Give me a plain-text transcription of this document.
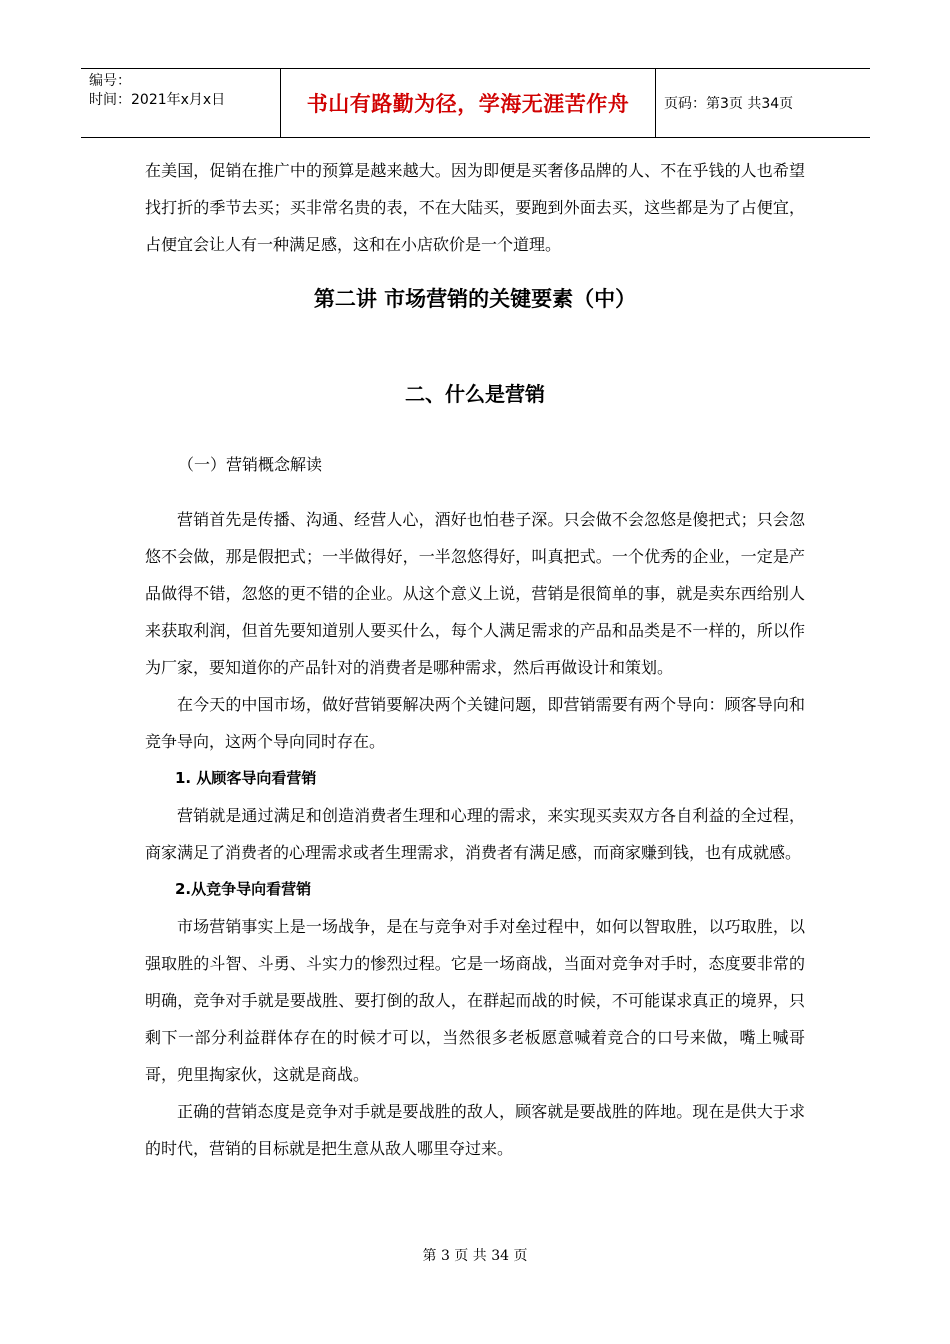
编号：
时间：2021年x月x日	书山有路勤为径，学海无涯苦作舟	页码：第3页 共34页

在美国，促销在推广中的预算是越来越大。因为即便是买奢侈品牌的人、不在乎钱的人也希望找打折的季节去买；买非常名贵的表，不在大陆买，要跑到外面去买，这些都是为了占便宜，占便宜会让人有一种满足感，这和在小店砍价是一个道理。

第二讲 市场营销的关键要素（中）
二、什么是营销
（一）营销概念解读

营销首先是传播、沟通、经营人心，酒好也怕巷子深。只会做不会忽悠是傻把式；只会忽悠不会做，那是假把式；一半做得好，一半忽悠得好，叫真把式。一个优秀的企业，一定是产品做得不错，忽悠的更不错的企业。从这个意义上说，营销是很简单的事，就是卖东西给别人来获取利润，但首先要知道别人要买什么，每个人满足需求的产品和品类是不一样的，所以作为厂家，要知道你的产品针对的消费者是哪种需求，然后再做设计和策划。

在今天的中国市场，做好营销要解决两个关键问题，即营销需要有两个导向：顾客导向和竞争导向，这两个导向同时存在。

1. 从顾客导向看营销

营销就是通过满足和创造消费者生理和心理的需求，来实现买卖双方各自利益的全过程，商家满足了消费者的心理需求或者生理需求，消费者有满足感，而商家赚到钱，也有成就感。

2.从竞争导向看营销

市场营销事实上是一场战争，是在与竞争对手对垒过程中，如何以智取胜，以巧取胜，以强取胜的斗智、斗勇、斗实力的惨烈过程。它是一场商战，当面对竞争对手时，态度要非常的明确，竞争对手就是要战胜、要打倒的敌人，在群起而战的时候，不可能谋求真正的境界，只剩下一部分利益群体存在的时候才可以，当然很多老板愿意喊着竞合的口号来做，嘴上喊哥哥，兜里掏家伙，这就是商战。

正确的营销态度是竞争对手就是要战胜的敌人，顾客就是要战胜的阵地。现在是供大于求的时代，营销的目标就是把生意从敌人哪里夺过来。

第 3 页 共 34 页
